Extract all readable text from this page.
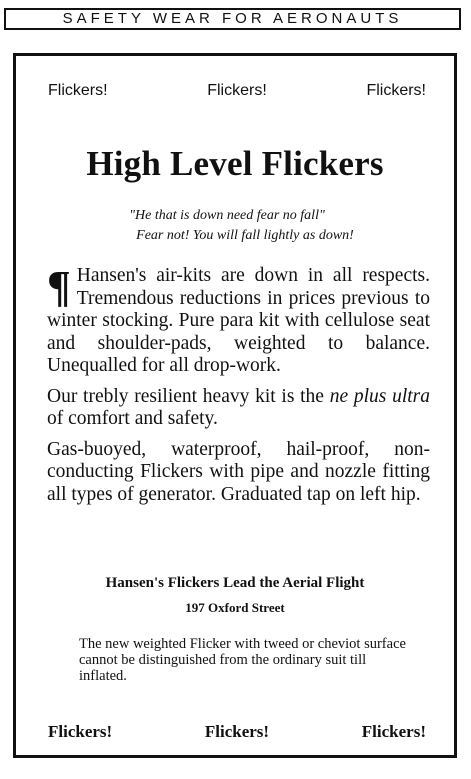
SAFETY WEAR FOR AERONAUTS
Flickers!	Flickers!	Flickers!
High Level Flickers
"He that is down need fear no fall"
Fear not! You will fall lightly as down!

¶ Hansen's air-kits are down in all respects. Tremendous reductions in prices previous to winter stocking. Pure para kit with cellulose seat and shoulder-pads, weighted to balance. Unequalled for all drop-work.

Our trebly resilient heavy kit is the ne plus ultra of comfort and safety.

Gas-buoyed, waterproof, hail-proof, non-conducting Flickers with pipe and nozzle fitting all types of generator. Graduated tap on left hip.

Hansen's Flickers Lead the Aerial Flight
197 Oxford Street
The new weighted Flicker with tweed or cheviot surface cannot be distinguished from the ordinary suit till inflated.
Flickers!	Flickers!	Flickers!
